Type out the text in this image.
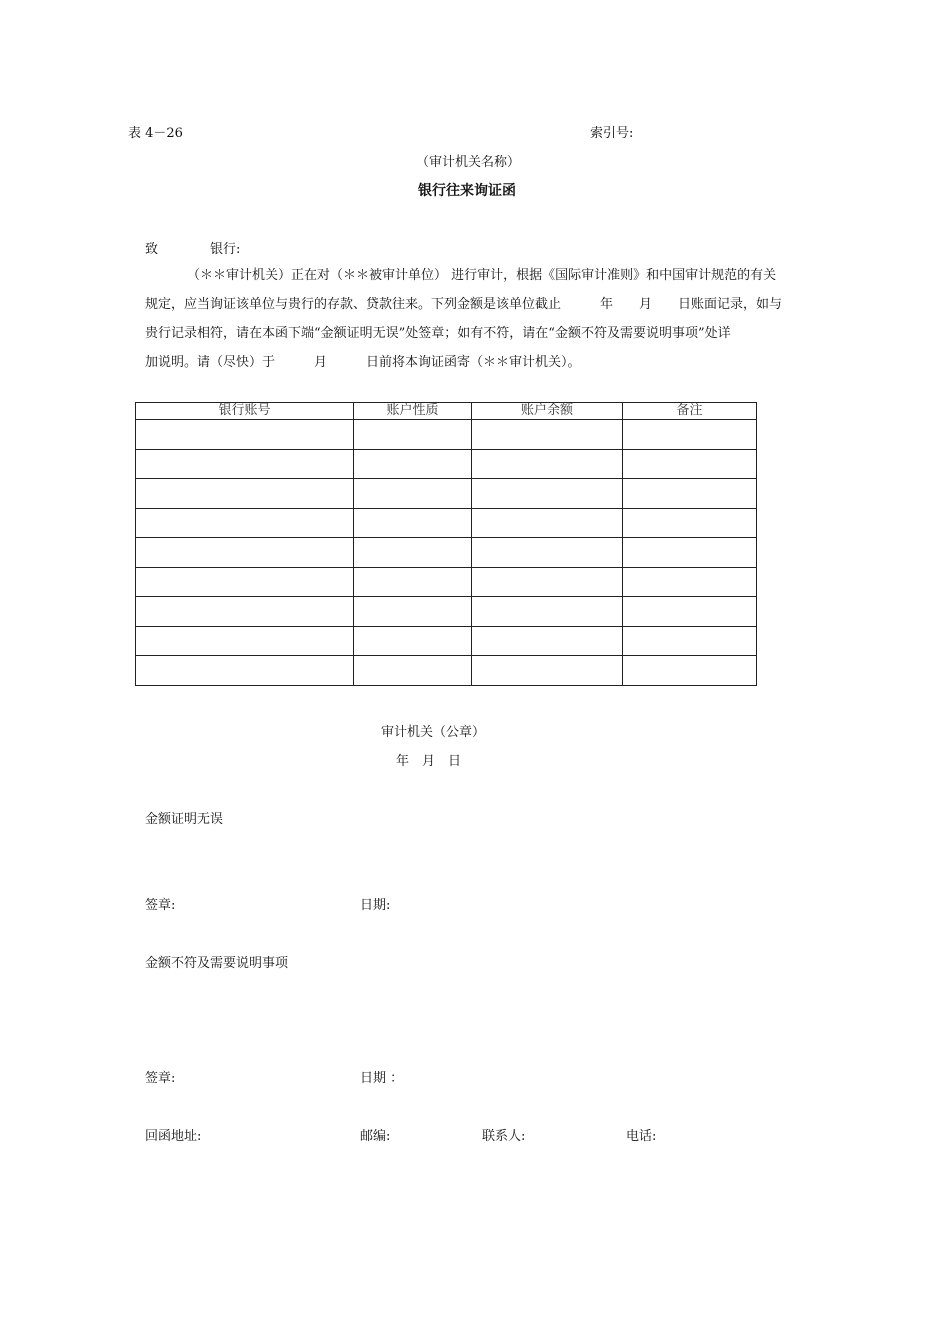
表 4－26	索引号:
（审计机关名称）
银行往来询证函
致	银行:

（＊＊审计机关）正在对（＊＊被审计单位） 进行审计，根据《国际审计准则》和中国审计规范的有关

规定，应当询证该单位与贵行的存款、贷款往来。下列金额是该单位截止　　　年　　月　　日账面记录，如与

贵行记录相符，请在本函下端“金额证明无误”处签章；如有不符，请在“金额不符及需要说明事项”处详

加说明。请（尽快）于　　　月　　　日前将本询证函寄（＊＊审计机关）。

银行账号	账户性质	账户余额	备注

审计机关（公章）
年　月　日
金额证明无误
签章:	日期:
金额不符及需要说明事项
签章:	日期 ：
回函地址:	邮编:	联系人:	电话:
